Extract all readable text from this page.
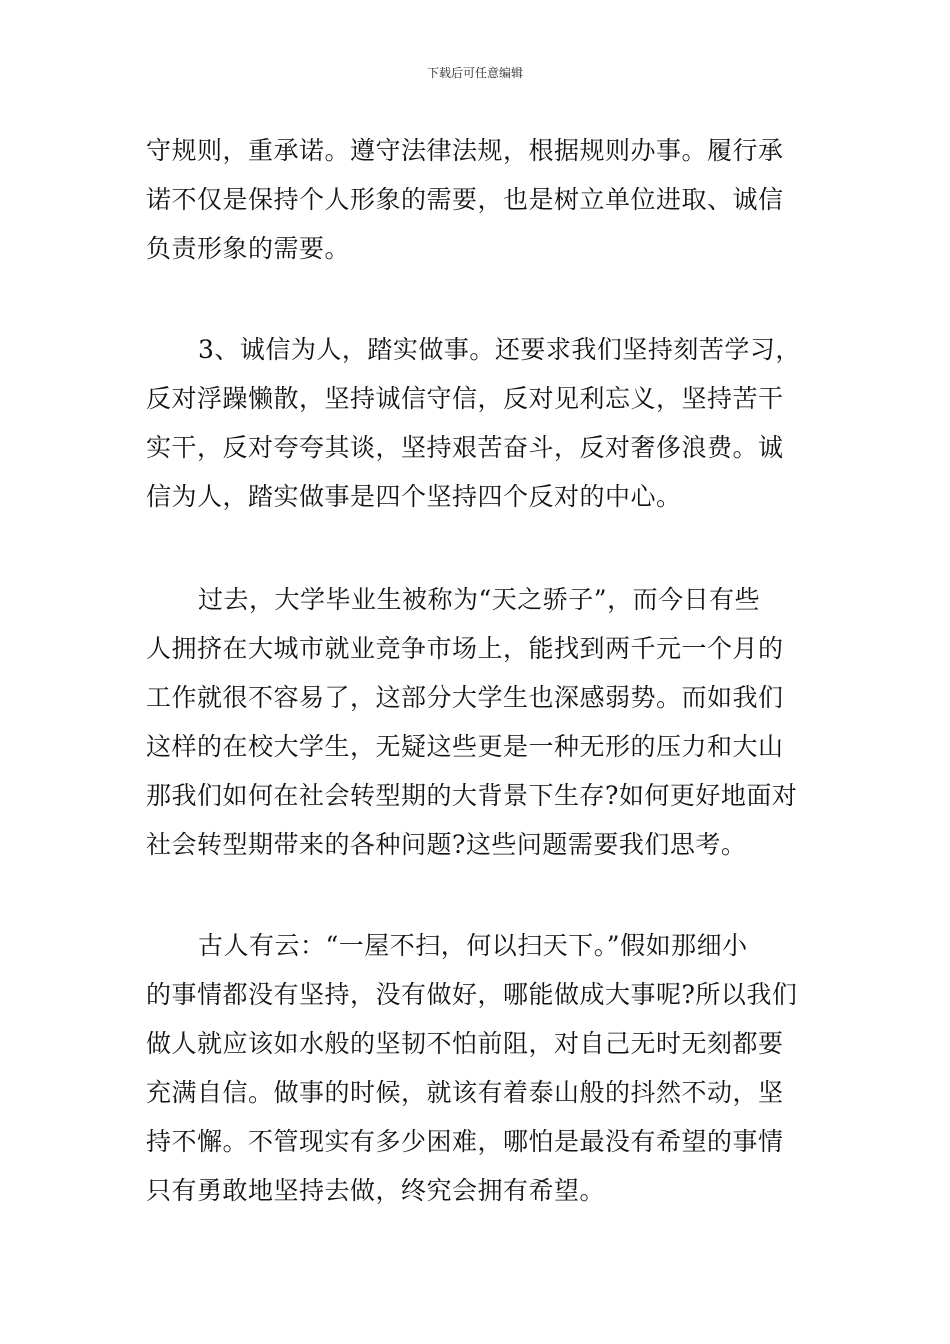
下载后可任意编辑
守规则，重承诺。遵守法律法规，根据规则办事。履行承
诺不仅是保持个人形象的需要，也是树立单位进取、诚信
负责形象的需要。
3、诚信为人，踏实做事。还要求我们坚持刻苦学习，
反对浮躁懒散，坚持诚信守信，反对见利忘义，坚持苦干
实干，反对夸夸其谈，坚持艰苦奋斗，反对奢侈浪费。诚
信为人，踏实做事是四个坚持四个反对的中心。
过去，大学毕业生被称为“天之骄子”，而今日有些
人拥挤在大城市就业竞争市场上，能找到两千元一个月的
工作就很不容易了，这部分大学生也深感弱势。而如我们
这样的在校大学生，无疑这些更是一种无形的压力和大山
那我们如何在社会转型期的大背景下生存?如何更好地面对
社会转型期带来的各种问题?这些问题需要我们思考。
古人有云：“一屋不扫，何以扫天下。”假如那细小
的事情都没有坚持，没有做好，哪能做成大事呢?所以我们
做人就应该如水般的坚韧不怕前阻，对自己无时无刻都要
充满自信。做事的时候，就该有着泰山般的抖然不动，坚
持不懈。不管现实有多少困难，哪怕是最没有希望的事情
只有勇敢地坚持去做，终究会拥有希望。
